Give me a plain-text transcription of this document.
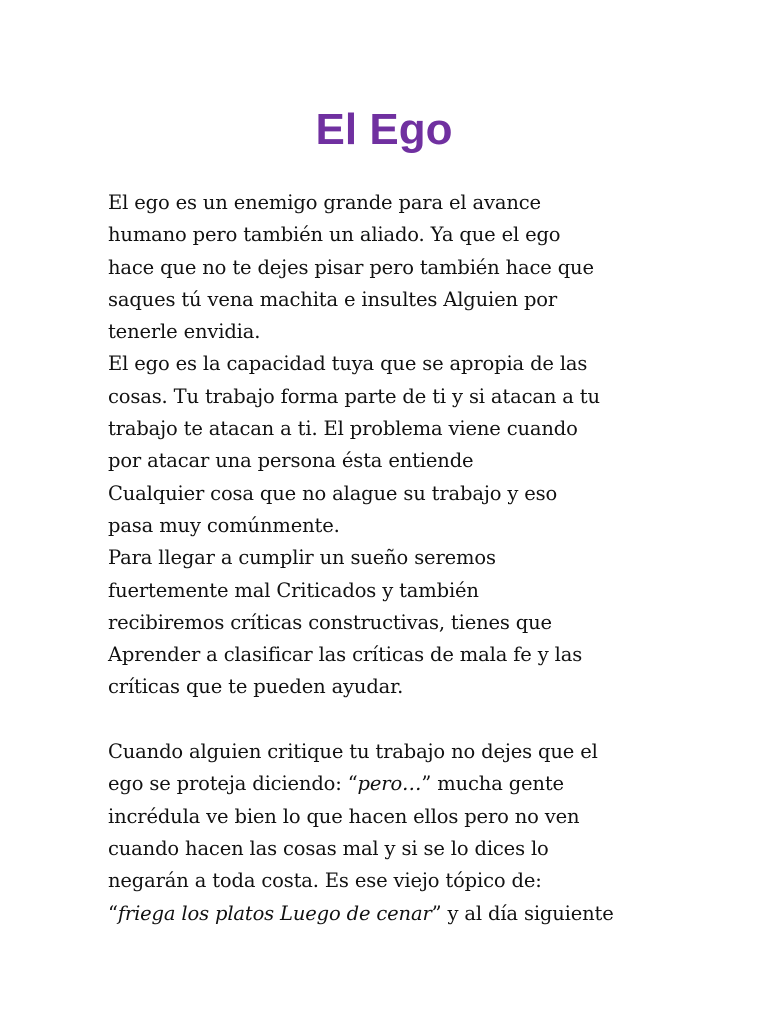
El Ego
El ego es un enemigo grande para el avance
humano pero también un aliado. Ya que el ego
hace que no te dejes pisar pero también hace que
saques tú vena machita e insultes Alguien por
tenerle envidia.
El ego es la capacidad tuya que se apropia de las
cosas. Tu trabajo forma parte de ti y si atacan a tu
trabajo te atacan a ti. El problema viene cuando
por atacar una persona ésta entiende
Cualquier cosa que no alague su trabajo y eso
pasa muy comúnmente.
Para llegar a cumplir un sueño seremos
fuertemente mal Criticados y también
recibiremos críticas constructivas, tienes que
Aprender a clasificar las críticas de mala fe y las
críticas que te pueden ayudar.
Cuando alguien critique tu trabajo no dejes que el
ego se proteja diciendo: “pero…” mucha gente
incrédula ve bien lo que hacen ellos pero no ven
cuando hacen las cosas mal y si se lo dices lo
negarán a toda costa. Es ese viejo tópico de:
“friega los platos Luego de cenar” y al día siguiente
